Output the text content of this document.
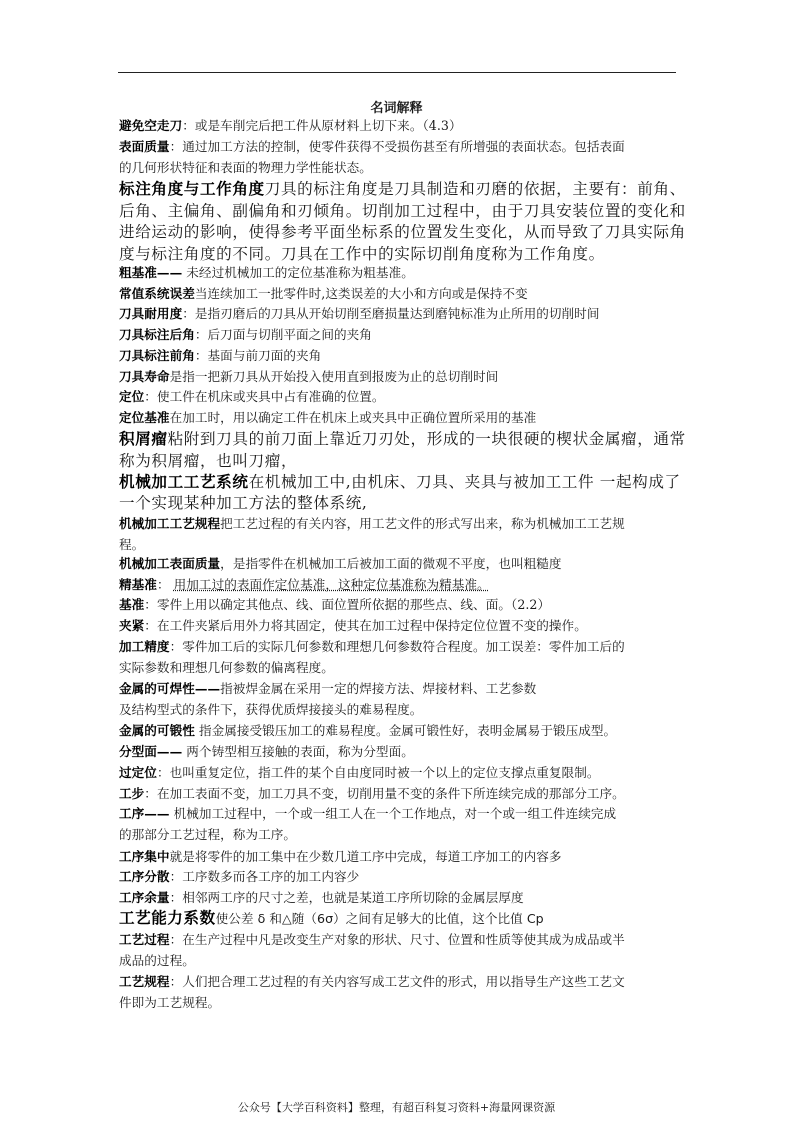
名词解释
避免空走刀：或是车削完后把工件从原材料上切下来。（4.3）
表面质量：通过加工方法的控制，使零件获得不受损伤甚至有所增强的表面状态。包括表面
的几何形状特征和表面的物理力学性能状态。
标注角度与工作角度刀具的标注角度是刀具制造和刃磨的依据，主要有：前角、
后角、主偏角、副偏角和刃倾角。切削加工过程中，由于刀具安装位置的变化和
进给运动的影响，使得参考平面坐标系的位置发生变化，从而导致了刀具实际角
度与标注角度的不同。刀具在工作中的实际切削角度称为工作角度。
粗基准—— 未经过机械加工的定位基准称为粗基准。
常值系统误差当连续加工一批零件时,这类误差的大小和方向或是保持不变
刀具耐用度：是指刃磨后的刀具从开始切削至磨损量达到磨钝标准为止所用的切削时间
刀具标注后角：后刀面与切削平面之间的夹角
刀具标注前角：基面与前刀面的夹角
刀具寿命是指一把新刀具从开始投入使用直到报废为止的总切削时间
定位：使工件在机床或夹具中占有准确的位置。
定位基准在加工时，用以确定工件在机床上或夹具中正确位置所采用的基准
积屑瘤粘附到刀具的前刀面上靠近刀刃处，形成的一块很硬的楔状金属瘤，通常
称为积屑瘤，也叫刀瘤，
机械加工工艺系统在机械加工中,由机床、刀具、夹具与被加工工件 一起构成了
一个实现某种加工方法的整体系统,
机械加工工艺规程把工艺过程的有关内容，用工艺文件的形式写出来，称为机械加工工艺规
程。
机械加工表面质量，是指零件在机械加工后被加工面的微观不平度，也叫粗糙度
精基准： 用加工过的表面作定位基准，这种定位基准称为精基准。
基准：零件上用以确定其他点、线、面位置所依据的那些点、线、面。（2.2）
夹紧：在工件夹紧后用外力将其固定，使其在加工过程中保持定位位置不变的操作。
加工精度：零件加工后的实际几何参数和理想几何参数符合程度。加工误差：零件加工后的
实际参数和理想几何参数的偏离程度。
金属的可焊性——指被焊金属在采用一定的焊接方法、焊接材料、工艺参数
及结构型式的条件下，获得优质焊接接头的难易程度。
金属的可锻性 指金属接受锻压加工的难易程度。金属可锻性好，表明金属易于锻压成型。
分型面—— 两个铸型相互接触的表面，称为分型面。
过定位：也叫重复定位，指工件的某个自由度同时被一个以上的定位支撑点重复限制。
工步：在加工表面不变，加工刀具不变，切削用量不变的条件下所连续完成的那部分工序。
工序—— 机械加工过程中，一个或一组工人在一个工作地点，对一个或一组工件连续完成
的那部分工艺过程，称为工序。
工序集中就是将零件的加工集中在少数几道工序中完成，每道工序加工的内容多
工序分散：工序数多而各工序的加工内容少
工序余量：相邻两工序的尺寸之差，也就是某道工序所切除的金属层厚度
工艺能力系数使公差 δ 和△随（6σ）之间有足够大的比值，这个比值 Cp
工艺过程：在生产过程中凡是改变生产对象的形状、尺寸、位置和性质等使其成为成品或半
成品的过程。
工艺规程：人们把合理工艺过程的有关内容写成工艺文件的形式，用以指导生产这些工艺文
件即为工艺规程。
公众号【大学百科资料】整理，有超百科复习资料+海量网课资源
